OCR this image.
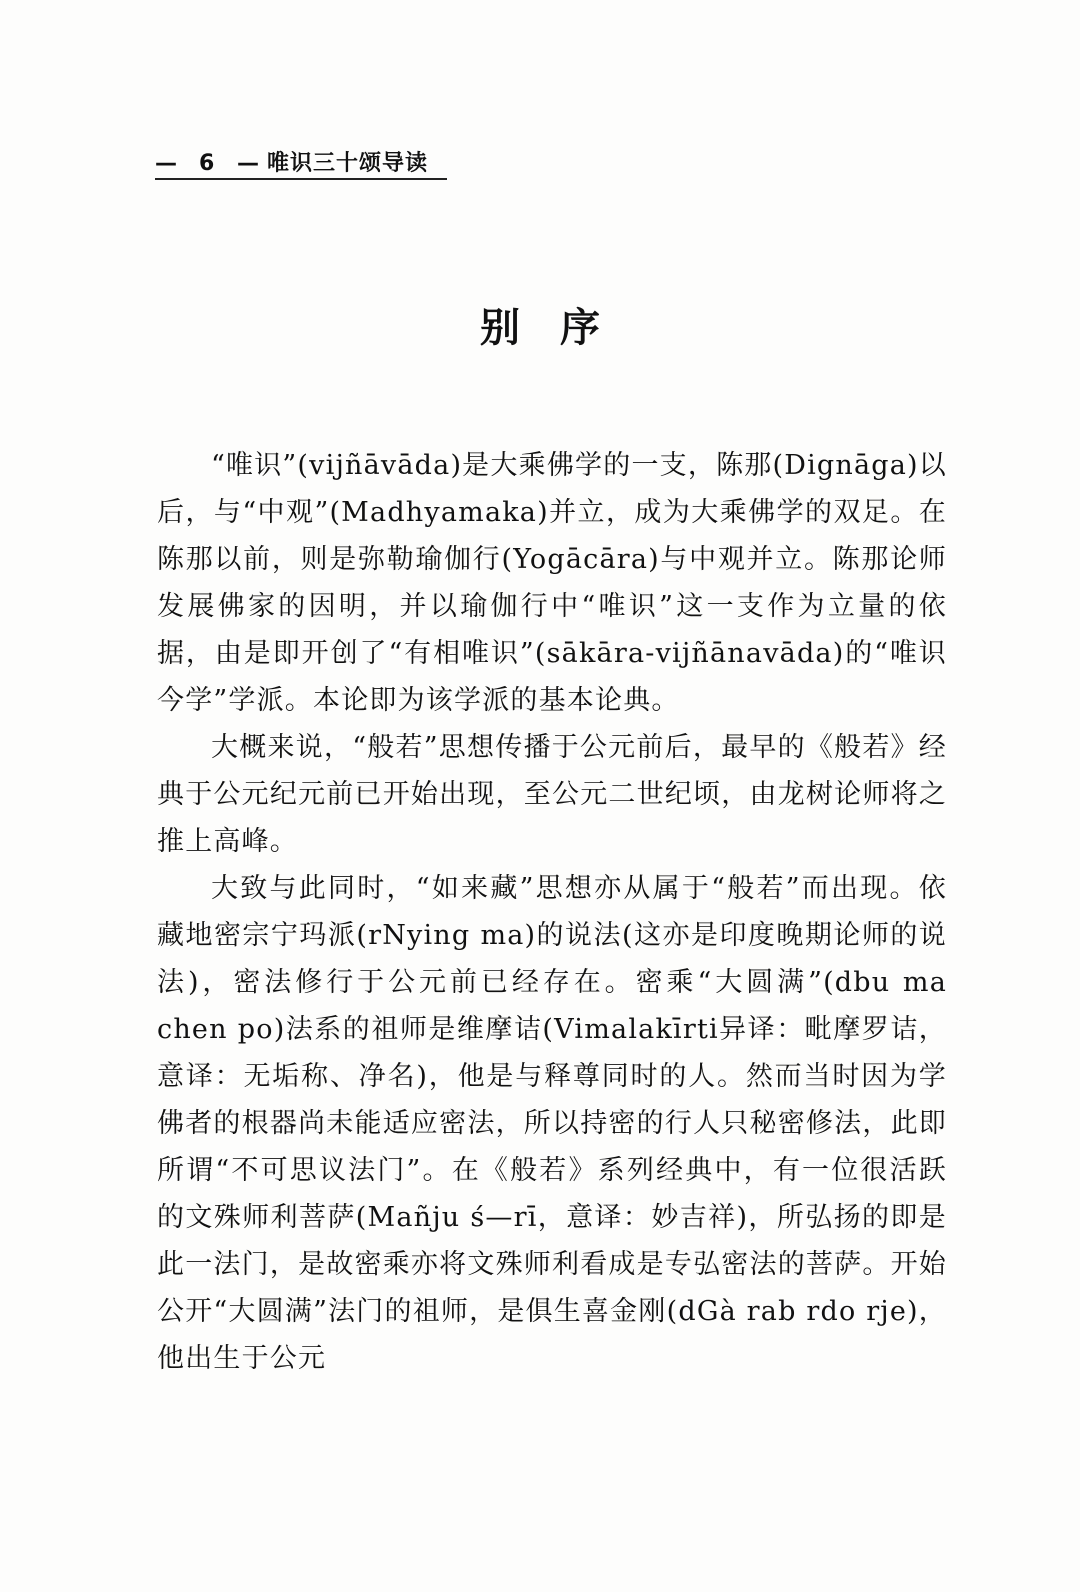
— 6 — 唯识三十颂导读
别序

“唯识”(vijñāvāda)是大乘佛学的一支，陈那(Dignāga)以后，与“中观”(Madhyamaka)并立，成为大乘佛学的双足。在陈那以前，则是弥勒瑜伽行(Yogācāra)与中观并立。陈那论师发展佛家的因明，并以瑜伽行中“唯识”这一支作为立量的依据，由是即开创了“有相唯识”(sākāra-vijñānavāda)的“唯识今学”学派。本论即为该学派的基本论典。

大概来说，“般若”思想传播于公元前后，最早的《般若》经典于公元纪元前已开始出现，至公元二世纪顷，由龙树论师将之推上高峰。

大致与此同时，“如来藏”思想亦从属于“般若”而出现。依藏地密宗宁玛派(rNying ma)的说法(这亦是印度晚期论师的说法)，密法修行于公元前已经存在。密乘“大圆满”(dbu ma chen po)法系的祖师是维摩诘(Vimalakīrti异译：毗摩罗诘，意译：无垢称、净名)，他是与释尊同时的人。然而当时因为学佛者的根器尚未能适应密法，所以持密的行人只秘密修法，此即所谓“不可思议法门”。在《般若》系列经典中，有一位很活跃的文殊师利菩萨(Mañju ś—rī，意译：妙吉祥)，所弘扬的即是此一法门，是故密乘亦将文殊师利看成是专弘密法的菩萨。开始公开“大圆满”法门的祖师，是俱生喜金刚(dGà rab rdo rje)，他出生于公元
